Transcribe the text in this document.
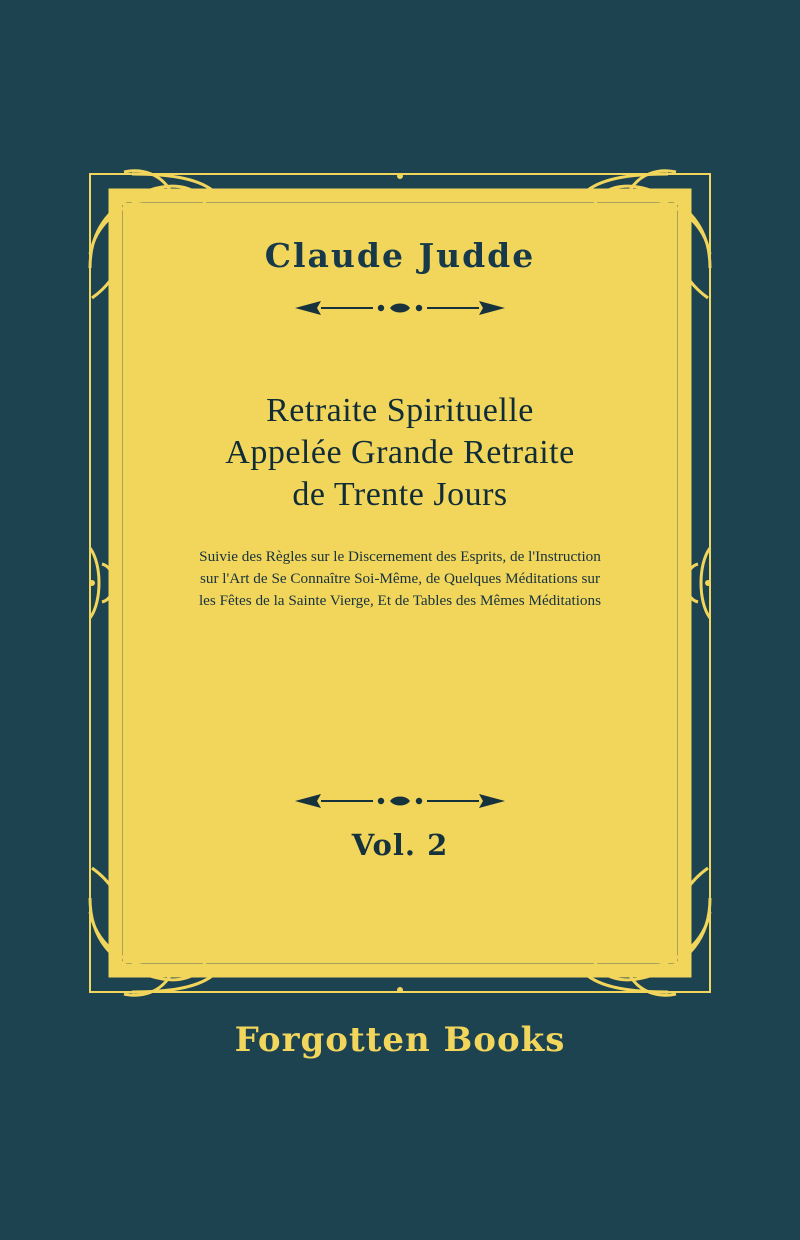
Claude Judde
Retraite Spirituelle
Appelée Grande Retraite
de Trente Jours
Suivie des Règles sur le Discernement des Esprits, de l'Instruction
sur l'Art de Se Connaître Soi-Même, de Quelques Méditations sur
les Fêtes de la Sainte Vierge, Et de Tables des Mêmes Méditations
Vol. 2
Forgotten Books
